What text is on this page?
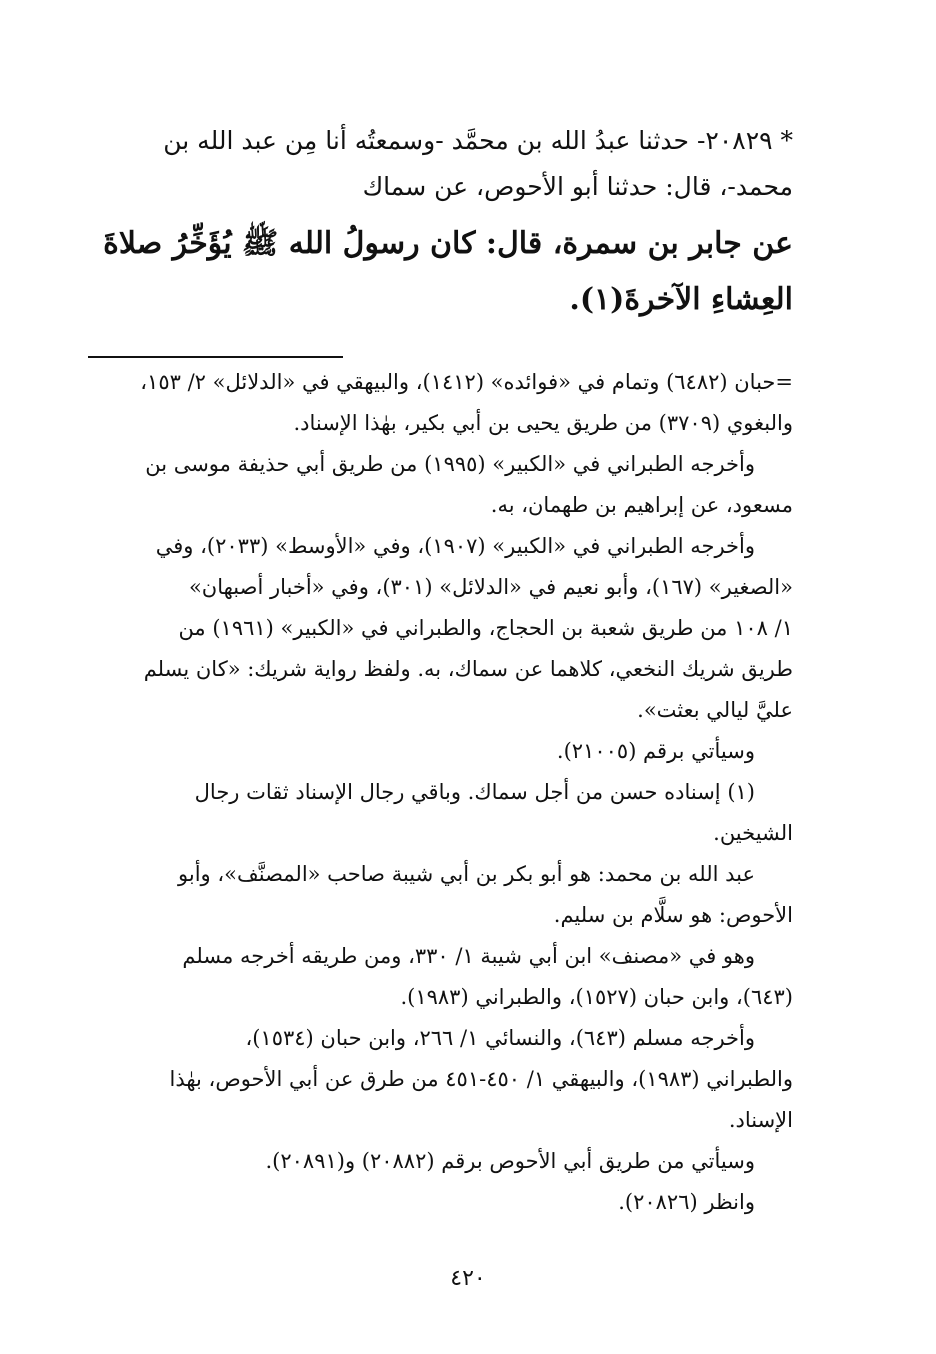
* ٢٠٨٢٩- حدثنا عبدُ الله بن محمَّد -وسمعتُه أنا مِن عبد الله بن
محمد-، قال: حدثنا أبو الأحوص، عن سماك
عن جابر بن سمرة، قال: كان رسولُ الله ﷺ يُؤَخِّرُ صلاةَ
العِشاءِ الآخرةَ(١).
=حبان (٦٤٨٢) وتمام في «فوائده» (١٤١٢)، والبيهقي في «الدلائل» ٢/ ١٥٣،
والبغوي (٣٧٠٩) من طريق يحيى بن أبي بكير، بهٰذا الإسناد.
وأخرجه الطبراني في «الكبير» (١٩٩٥) من طريق أبي حذيفة موسى بن
مسعود، عن إبراهيم بن طهمان، به.
وأخرجه الطبراني في «الكبير» (١٩٠٧)، وفي «الأوسط» (٢٠٣٣)، وفي
«الصغير» (١٦٧)، وأبو نعيم في «الدلائل» (٣٠١)، وفي «أخبار أصبهان»
١/ ١٠٨ من طريق شعبة بن الحجاج، والطبراني في «الكبير» (١٩٦١) من
طريق شريك النخعي، كلاهما عن سماك، به. ولفظ رواية شريك: «كان يسلم
عليَّ ليالي بعثت».
وسيأتي برقم (٢١٠٠٥).
(١) إسناده حسن من أجل سماك. وباقي رجال الإسناد ثقات رجال
الشيخين.
عبد الله بن محمد: هو أبو بكر بن أبي شيبة صاحب «المصنَّف»، وأبو
الأحوص: هو سلَّام بن سليم.
وهو في «مصنف» ابن أبي شيبة ١/ ٣٣٠، ومن طريقه أخرجه مسلم
(٦٤٣)، وابن حبان (١٥٢٧)، والطبراني (١٩٨٣).
وأخرجه مسلم (٦٤٣)، والنسائي ١/ ٢٦٦، وابن حبان (١٥٣٤)،
والطبراني (١٩٨٣)، والبيهقي ١/ ٤٥٠-٤٥١ من طرق عن أبي الأحوص، بهٰذا
الإسناد.
وسيأتي من طريق أبي الأحوص برقم (٢٠٨٨٢) و(٢٠٨٩١).
وانظر (٢٠٨٢٦).
٤٢٠
